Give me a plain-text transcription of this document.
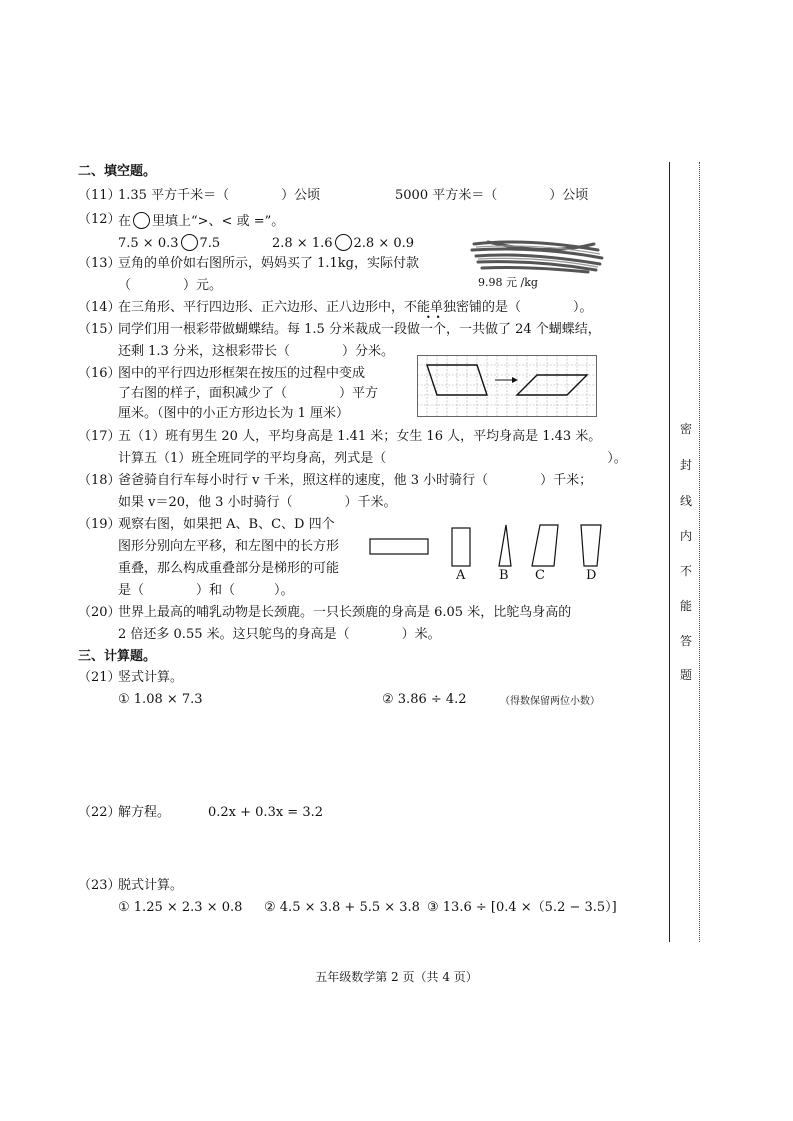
二、填空题。
（11）
1.35 平方千米＝（　　　　）公顷	5000 平方米＝（　　　　）公顷
（12）
在 里填上“>、< 或 =”。
7.5 × 0.3 7.5	2.8 × 1.6 2.8 × 0.9
（13）
豆角的单价如右图所示，妈妈买了 1.1kg，实际付款
（　　　　）元。	9.98 元 /kg
（14）
在三角形、平行四边形、正六边形、正八边形中，不能单独密铺的是（　　　　）。
•  •
（15）
同学们用一根彩带做蝴蝶结。每 1.5 分米裁成一段做一个，一共做了 24 个蝴蝶结，
还剩 1.3 分米，这根彩带长（　　　　）分米。
（16）
图中的平行四边形框架在按压的过程中变成
了右图的样子，面积减少了（　　　　）平方
厘米。（图中的小正方形边长为 1 厘米）
（17）
五（1）班有男生 20 人，平均身高是 1.41 米；女生 16 人，平均身高是 1.43 米。
计算五（1）班全班同学的平均身高，列式是（　　　　　　　　　　　　　　　　　）。
（18）
爸爸骑自行车每小时行 v 千米，照这样的速度，他 3 小时骑行（　　　　）千米；
如果 v＝20，他 3 小时骑行（　　　　）千米。
（19）
观察右图，如果把 A、B、C、D 四个
图形分别向左平移，和左图中的长方形
重叠，那么构成重叠部分是梯形的可能
是（　　　　）和（　　　）。
A	B C	D
（20）
世界上最高的哺乳动物是长颈鹿。一只长颈鹿的身高是 6.05 米，比鸵鸟身高的
2 倍还多 0.55 米。这只鸵鸟的身高是（　　　　）米。
三、计算题。
（21）
竖式计算。
① 1.08 × 7.3	② 3.86 ÷ 4.2	（得数保留两位小数）
（22）
解方程。	0.2x + 0.3x = 3.2
（23）
脱式计算。
① 1.25 × 2.3 × 0.8 ② 4.5 × 3.8 + 5.5 × 3.8 ③ 13.6 ÷ [0.4 ×（5.2 − 3.5）]
密
封
线
内
不
能
答
题
五年级数学第 2 页（共 4 页）
